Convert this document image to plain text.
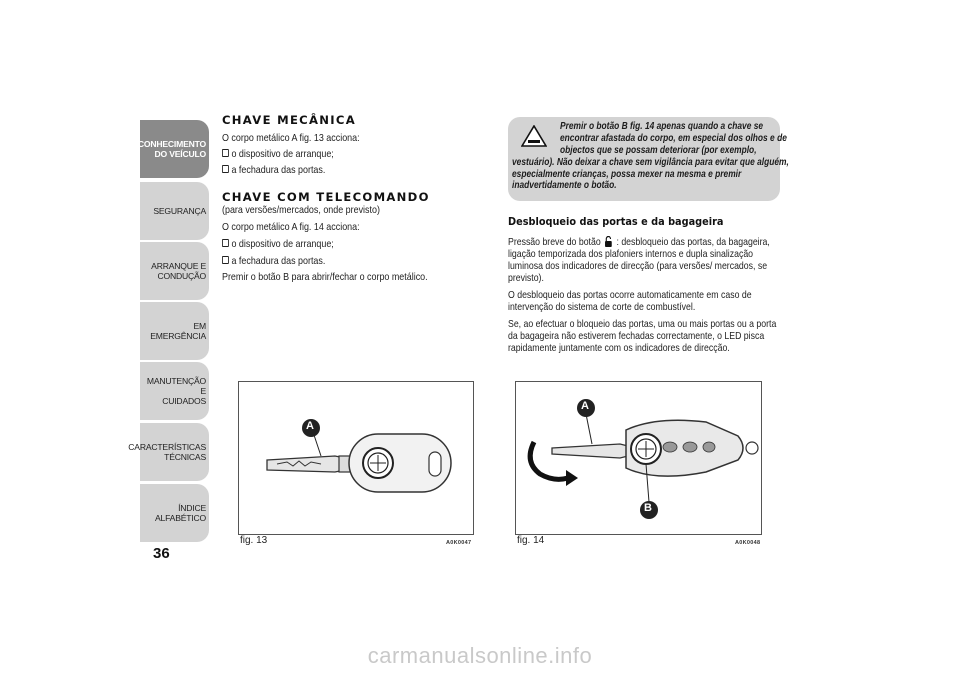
CONHECIMENTO
DO VEÍCULO
SEGURANÇA
ARRANQUE E
CONDUÇÃO
EM EMERGÊNCIA
MANUTENÇÃO E
CUIDADOS
CARACTERÍSTICAS
TÉCNICAS
ÍNDICE ALFABÉTICO
36
CHAVE MECÂNICA
O corpo metálico A fig. 13 acciona:
o dispositivo de arranque;
a fechadura das portas.
CHAVE COM TELECOMANDO
(para versões/mercados, onde previsto)
O corpo metálico A fig. 14 acciona:
o dispositivo de arranque;
a fechadura das portas.
Premir o botão B para abrir/fechar o corpo metálico.
Premir o botão B fig. 14 apenas quando a chave se
encontrar afastada do corpo, em especial dos olhos e de
objectos que se possam deteriorar (por exemplo,
vestuário). Não deixar a chave sem vigilância para evitar que alguém,
especialmente crianças, possa mexer na mesma e premir
inadvertidamente o botão.
Desbloqueio das portas e da bagageira
Pressão breve do botão : desbloqueio das portas, da bagageira,
ligação temporizada dos plafoniers internos e dupla sinalização
luminosa dos indicadores de direcção (para versões/ mercados, se
previsto).
O desbloqueio das portas ocorre automaticamente em caso de
intervenção do sistema de corte de combustível.
Se, ao efectuar o bloqueio das portas, uma ou mais portas ou a porta
da bagageira não estiverem fechadas correctamente, o LED pisca
rapidamente juntamente com os indicadores de direcção.
A
fig. 13	A0K0047
A
B
fig. 14	A0K0048
carmanualsonline.info
